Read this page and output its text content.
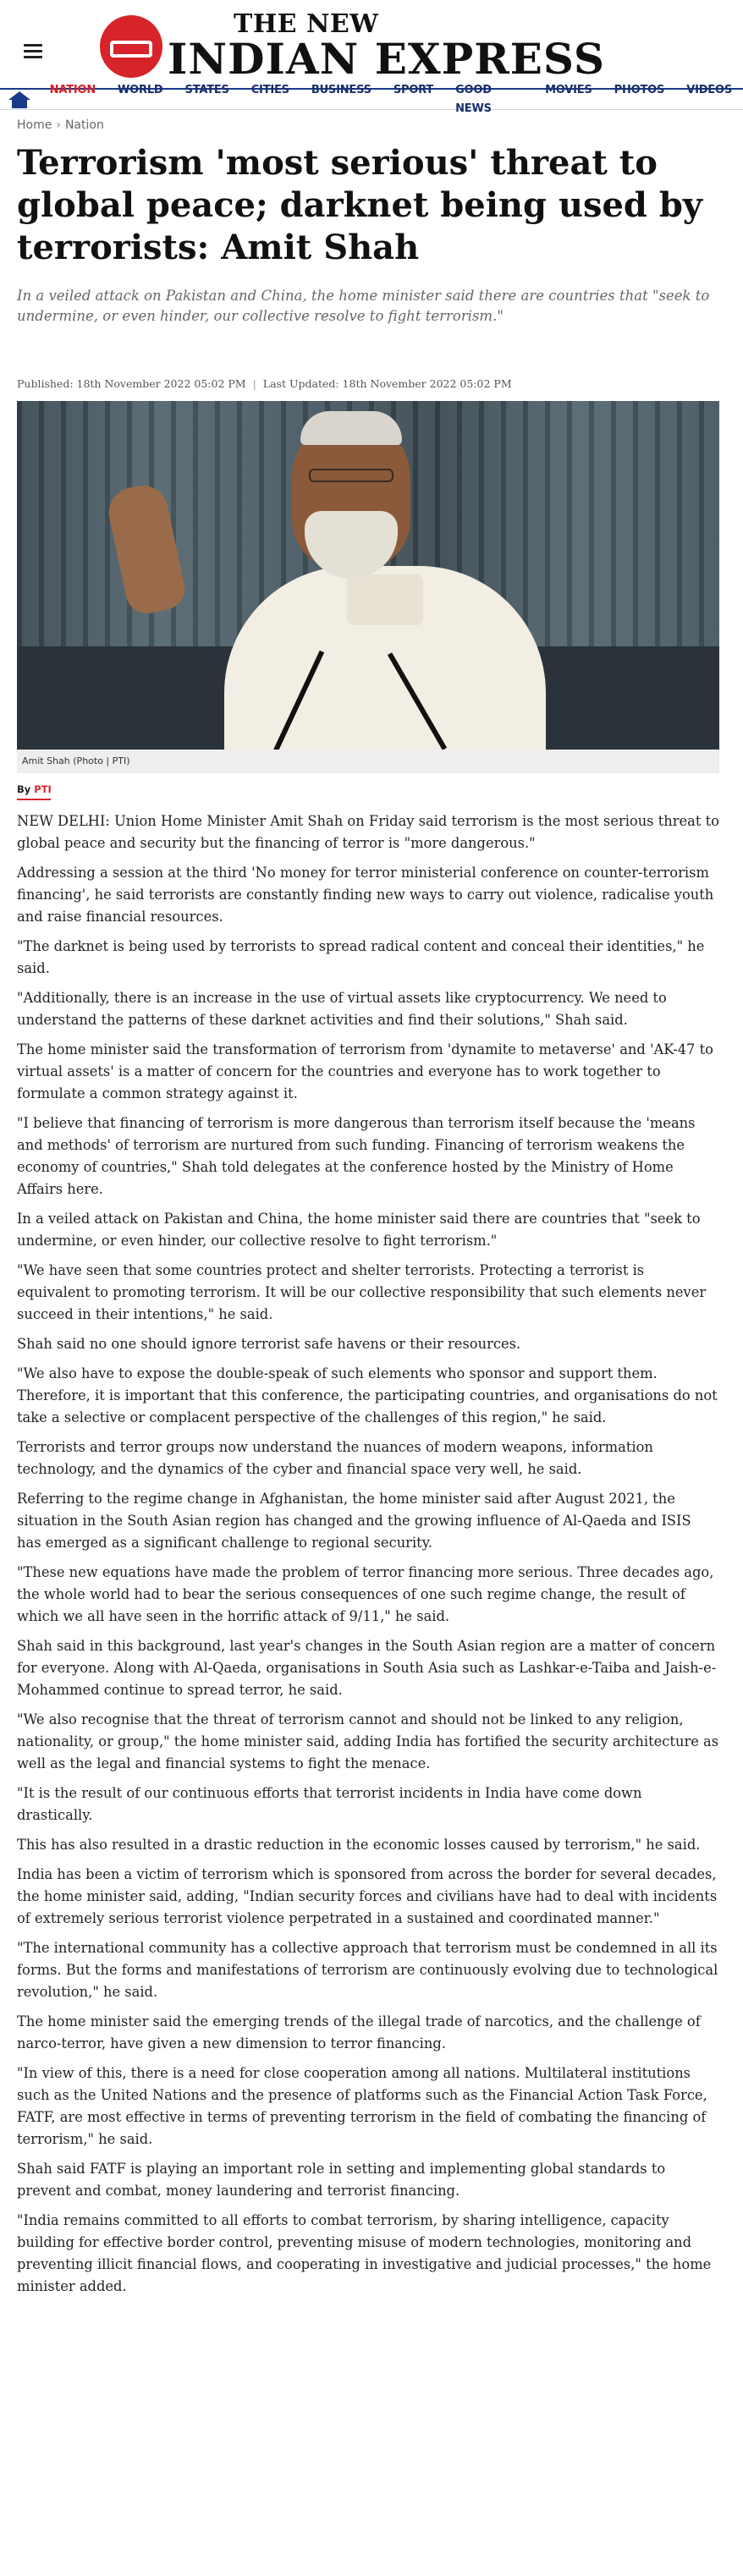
THE NEW
INDIAN EXPRESS
NATION	WORLD	STATES	CITIES	BUSINESS	SPORT	GOOD NEWS
MOVIES	PHOTOS	VIDEOS
Home › Nation
Terrorism 'most serious' threat to global peace; darknet being used by terrorists: Amit Shah

In a veiled attack on Pakistan and China, the home minister said there are countries that "seek to undermine, or even hinder, our collective resolve to fight terrorism."

Published: 18th November 2022 05:02 PM | Last Updated: 18th November 2022 05:02 PM
Amit Shah (Photo | PTI)
By PTI

NEW DELHI: Union Home Minister Amit Shah on Friday said terrorism is the most serious threat to global peace and security but the financing of terror is "more dangerous."

Addressing a session at the third 'No money for terror ministerial conference on counter-terrorism financing', he said terrorists are constantly finding new ways to carry out violence, radicalise youth and raise financial resources.

"The darknet is being used by terrorists to spread radical content and conceal their identities," he said.

"Additionally, there is an increase in the use of virtual assets like cryptocurrency. We need to understand the patterns of these darknet activities and find their solutions," Shah said.

The home minister said the transformation of terrorism from 'dynamite to metaverse' and 'AK-47 to virtual assets' is a matter of concern for the countries and everyone has to work together to formulate a common strategy against it.

"I believe that financing of terrorism is more dangerous than terrorism itself because the 'means and methods' of terrorism are nurtured from such funding. Financing of terrorism weakens the economy of countries," Shah told delegates at the conference hosted by the Ministry of Home Affairs here.

In a veiled attack on Pakistan and China, the home minister said there are countries that "seek to undermine, or even hinder, our collective resolve to fight terrorism."

"We have seen that some countries protect and shelter terrorists. Protecting a terrorist is equivalent to promoting terrorism. It will be our collective responsibility that such elements never succeed in their intentions," he said.

Shah said no one should ignore terrorist safe havens or their resources.

"We also have to expose the double-speak of such elements who sponsor and support them. Therefore, it is important that this conference, the participating countries, and organisations do not take a selective or complacent perspective of the challenges of this region," he said.

Terrorists and terror groups now understand the nuances of modern weapons, information technology, and the dynamics of the cyber and financial space very well, he said.

Referring to the regime change in Afghanistan, the home minister said after August 2021, the situation in the South Asian region has changed and the growing influence of Al-Qaeda and ISIS has emerged as a significant challenge to regional security.

"These new equations have made the problem of terror financing more serious. Three decades ago, the whole world had to bear the serious consequences of one such regime change, the result of which we all have seen in the horrific attack of 9/11," he said.

Shah said in this background, last year's changes in the South Asian region are a matter of concern for everyone. Along with Al-Qaeda, organisations in South Asia such as Lashkar-e-Taiba and Jaish-e-Mohammed continue to spread terror, he said.

"We also recognise that the threat of terrorism cannot and should not be linked to any religion, nationality, or group," the home minister said, adding India has fortified the security architecture as well as the legal and financial systems to fight the menace.

"It is the result of our continuous efforts that terrorist incidents in India have come down drastically.

This has also resulted in a drastic reduction in the economic losses caused by terrorism," he said.

India has been a victim of terrorism which is sponsored from across the border for several decades, the home minister said, adding, "Indian security forces and civilians have had to deal with incidents of extremely serious terrorist violence perpetrated in a sustained and coordinated manner."

"The international community has a collective approach that terrorism must be condemned in all its forms. But the forms and manifestations of terrorism are continuously evolving due to technological revolution," he said.

The home minister said the emerging trends of the illegal trade of narcotics, and the challenge of narco-terror, have given a new dimension to terror financing.

"In view of this, there is a need for close cooperation among all nations. Multilateral institutions such as the United Nations and the presence of platforms such as the Financial Action Task Force, FATF, are most effective in terms of preventing terrorism in the field of combating the financing of terrorism," he said.

Shah said FATF is playing an important role in setting and implementing global standards to prevent and combat, money laundering and terrorist financing.

"India remains committed to all efforts to combat terrorism, by sharing intelligence, capacity building for effective border control, preventing misuse of modern technologies, monitoring and preventing illicit financial flows, and cooperating in investigative and judicial processes," the home minister added.
